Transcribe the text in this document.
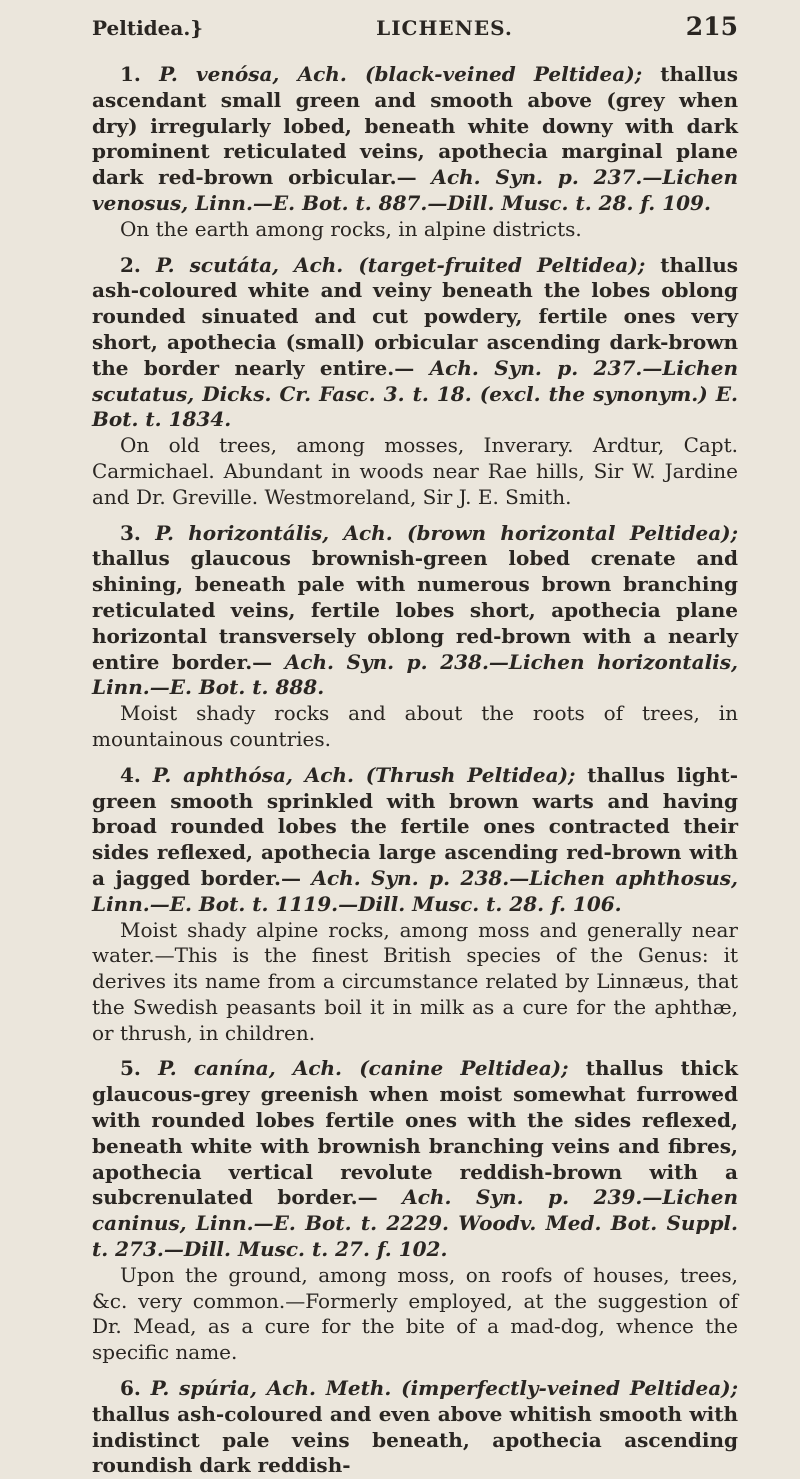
Peltidea.}	LICHENES.	215

1. P. venósa, Ach. (black-veined Peltidea); thallus ascendant small green and smooth above (grey when dry) irregularly lobed, beneath white downy with dark prominent reticulated veins, apothecia marginal plane dark red-brown orbicular.— Ach. Syn. p. 237.—Lichen venosus, Linn.—E. Bot. t. 887.—Dill. Musc. t. 28. f. 109.

On the earth among rocks, in alpine districts.

2. P. scutáta, Ach. (target-fruited Peltidea); thallus ash-coloured white and veiny beneath the lobes oblong rounded sinuated and cut powdery, fertile ones very short, apothecia (small) orbicular ascending dark-brown the border nearly entire.— Ach. Syn. p. 237.—Lichen scutatus, Dicks. Cr. Fasc. 3. t. 18. (excl. the synonym.) E. Bot. t. 1834.

On old trees, among mosses, Inverary. Ardtur, Capt. Carmichael. Abundant in woods near Rae hills, Sir W. Jardine and Dr. Greville. Westmoreland, Sir J. E. Smith.

3. P. horizontális, Ach. (brown horizontal Peltidea); thallus glaucous brownish-green lobed crenate and shining, beneath pale with numerous brown branching reticulated veins, fertile lobes short, apothecia plane horizontal transversely oblong red-brown with a nearly entire border.— Ach. Syn. p. 238.—Lichen horizontalis, Linn.—E. Bot. t. 888.

Moist shady rocks and about the roots of trees, in mountainous countries.

4. P. aphthósa, Ach. (Thrush Peltidea); thallus light-green smooth sprinkled with brown warts and having broad rounded lobes the fertile ones contracted their sides reflexed, apothecia large ascending red-brown with a jagged border.— Ach. Syn. p. 238.—Lichen aphthosus, Linn.—E. Bot. t. 1119.—Dill. Musc. t. 28. f. 106.

Moist shady alpine rocks, among moss and generally near water.—This is the finest British species of the Genus: it derives its name from a circumstance related by Linnæus, that the Swedish peasants boil it in milk as a cure for the aphthæ, or thrush, in children.

5. P. canína, Ach. (canine Peltidea); thallus thick glaucous-grey greenish when moist somewhat furrowed with rounded lobes fertile ones with the sides reflexed, beneath white with brownish branching veins and fibres, apothecia vertical revolute reddish-brown with a subcrenulated border.— Ach. Syn. p. 239.—Lichen caninus, Linn.—E. Bot. t. 2229. Woodv. Med. Bot. Suppl. t. 273.—Dill. Musc. t. 27. f. 102.

Upon the ground, among moss, on roofs of houses, trees, &c. very common.—Formerly employed, at the suggestion of Dr. Mead, as a cure for the bite of a mad-dog, whence the specific name.

6. P. spúria, Ach. Meth. (imperfectly-veined Peltidea); thallus ash-coloured and even above whitish smooth with indistinct pale veins beneath, apothecia ascending roundish dark reddish-
